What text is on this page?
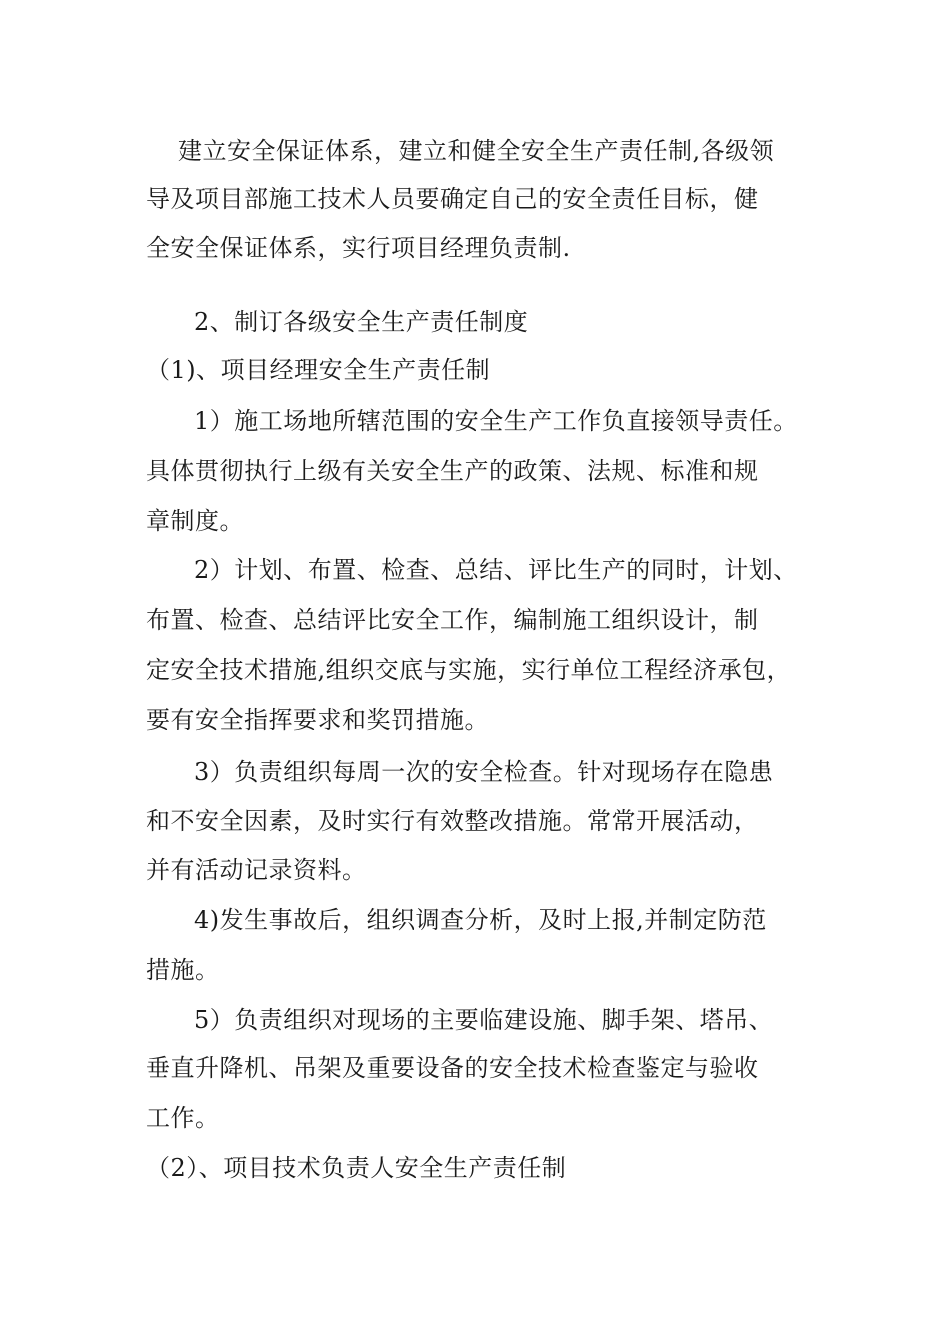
建立安全保证体系，建立和健全安全生产责任制,各级领
导及项目部施工技术人员要确定自己的安全责任目标，健
全安全保证体系，实行项目经理负责制.
2、制订各级安全生产责任制度
（1)、项目经理安全生产责任制
1）施工场地所辖范围的安全生产工作负直接领导责任。
具体贯彻执行上级有关安全生产的政策、法规、标准和规
章制度。
2）计划、布置、检查、总结、评比生产的同时，计划、
布置、检查、总结评比安全工作，编制施工组织设计，制
定安全技术措施,组织交底与实施，实行单位工程经济承包，
要有安全指挥要求和奖罚措施。
3）负责组织每周一次的安全检查。针对现场存在隐患
和不安全因素，及时实行有效整改措施。常常开展活动，
并有活动记录资料。
4)发生事故后，组织调查分析，及时上报,并制定防范
措施。
5）负责组织对现场的主要临建设施、脚手架、塔吊、
垂直升降机、吊架及重要设备的安全技术检查鉴定与验收
工作。
（2）、项目技术负责人安全生产责任制
